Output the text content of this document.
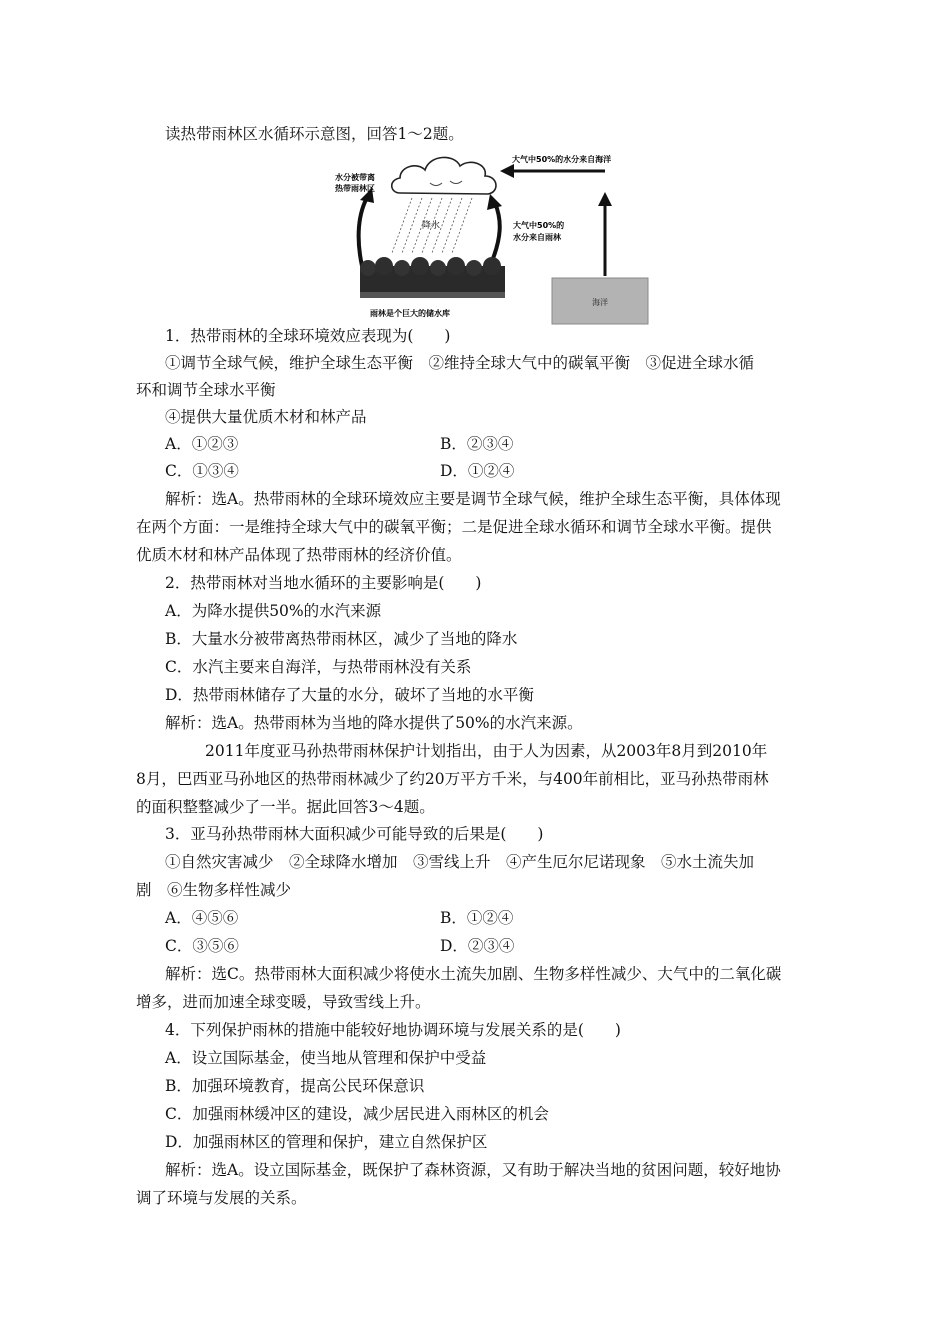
读热带雨林区水循环示意图，回答1～2题。
降水
水分被带离
热带雨林区
大气中50%的
水分来自雨林
大气中50%的水分来自海洋
雨林是个巨大的储水库
海洋
1．热带雨林的全球环境效应表现为(　　)
①调节全球气候，维护全球生态平衡　②维持全球大气中的碳氧平衡　③促进全球水循
环和调节全球水平衡
④提供大量优质木材和林产品
A．①②③	B．②③④
C．①③④	D．①②④
解析：选A。热带雨林的全球环境效应主要是调节全球气候，维护全球生态平衡，具体体现
在两个方面：一是维持全球大气中的碳氧平衡；二是促进全球水循环和调节全球水平衡。提供
优质木材和林产品体现了热带雨林的经济价值。
2．热带雨林对当地水循环的主要影响是(　　)
A．为降水提供50%的水汽来源
B．大量水分被带离热带雨林区，减少了当地的降水
C．水汽主要来自海洋，与热带雨林没有关系
D．热带雨林储存了大量的水分，破坏了当地的水平衡
解析：选A。热带雨林为当地的降水提供了50%的水汽来源。
2011年度亚马孙热带雨林保护计划指出，由于人为因素，从2003年8月到2010年
8月，巴西亚马孙地区的热带雨林减少了约20万平方千米，与400年前相比，亚马孙热带雨林
的面积整整减少了一半。据此回答3～4题。
3．亚马孙热带雨林大面积减少可能导致的后果是(　　)
①自然灾害减少　②全球降水增加　③雪线上升　④产生厄尔尼诺现象　⑤水土流失加
剧　⑥生物多样性减少
A．④⑤⑥	B．①②④
C．③⑤⑥	D．②③④
解析：选C。热带雨林大面积减少将使水土流失加剧、生物多样性减少、大气中的二氧化碳
增多，进而加速全球变暖，导致雪线上升。
4．下列保护雨林的措施中能较好地协调环境与发展关系的是(　　)
A．设立国际基金，使当地从管理和保护中受益
B．加强环境教育，提高公民环保意识
C．加强雨林缓冲区的建设，减少居民进入雨林区的机会
D．加强雨林区的管理和保护，建立自然保护区
解析：选A。设立国际基金，既保护了森林资源，又有助于解决当地的贫困问题，较好地协
调了环境与发展的关系。
